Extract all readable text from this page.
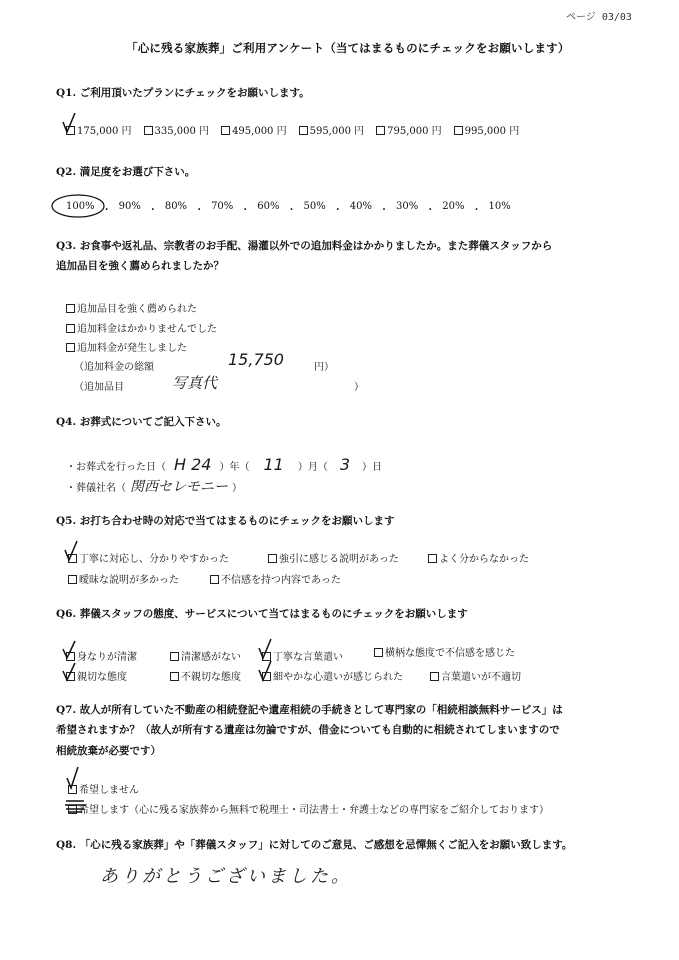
ページ 03/03
「心に残る家族葬」ご利用アンケート（当てはまるものにチェックをお願いします）
Q1. ご利用頂いたプランにチェックをお願いします。
175,000 円	335,000 円	495,000 円	595,000 円	795,000 円	995,000 円
Q2. 満足度をお選び下さい。
100% ・ 90% ・ 80% ・ 70% ・ 60% ・ 50% ・ 40% ・ 30% ・ 20% ・ 10%
Q3. お食事や返礼品、宗教者のお手配、湯灌以外での追加料金はかかりましたか。また葬儀スタッフから
追加品目を強く薦められましたか？
追加品目を強く薦められた
追加料金はかかりませんでした
追加料金が発生しました
（追加料金の総額	15,750	円）
（追加品目	写真代	）
Q4. お葬式についてご記入下さい。
・お葬式を行った日（ H 24 ）年（ 11	）月（ 3	）日
・葬儀社名（ 関西セレモニー ）
Q5. お打ち合わせ時の対応で当てはまるものにチェックをお願いします
丁寧に対応し、分かりやすかった	強引に感じる説明があった	よく分からなかった
曖昧な説明が多かった	不信感を持つ内容であった
Q6. 葬儀スタッフの態度、サービスについて当てはまるものにチェックをお願いします
身なりが清潔	清潔感がない	丁寧な言葉遣い	横柄な態度で不信感を感じた
親切な態度	不親切な態度	細やかな心遣いが感じられた	言葉遣いが不適切
Q7. 故人が所有していた不動産の相続登記や遺産相続の手続きとして専門家の「相続相談無料サービス」は
希望されますか？（故人が所有する遺産は勿論ですが、借金についても自動的に相続されてしまいますので
相続放棄が必要です）
希望しません
希望します（心に残る家族葬から無料で税理士・司法書士・弁護士などの専門家をご紹介しております）
Q8. 「心に残る家族葬」や「葬儀スタッフ」に対してのご意見、ご感想を忌憚無くご記入をお願い致します。
ありがとうございました。
